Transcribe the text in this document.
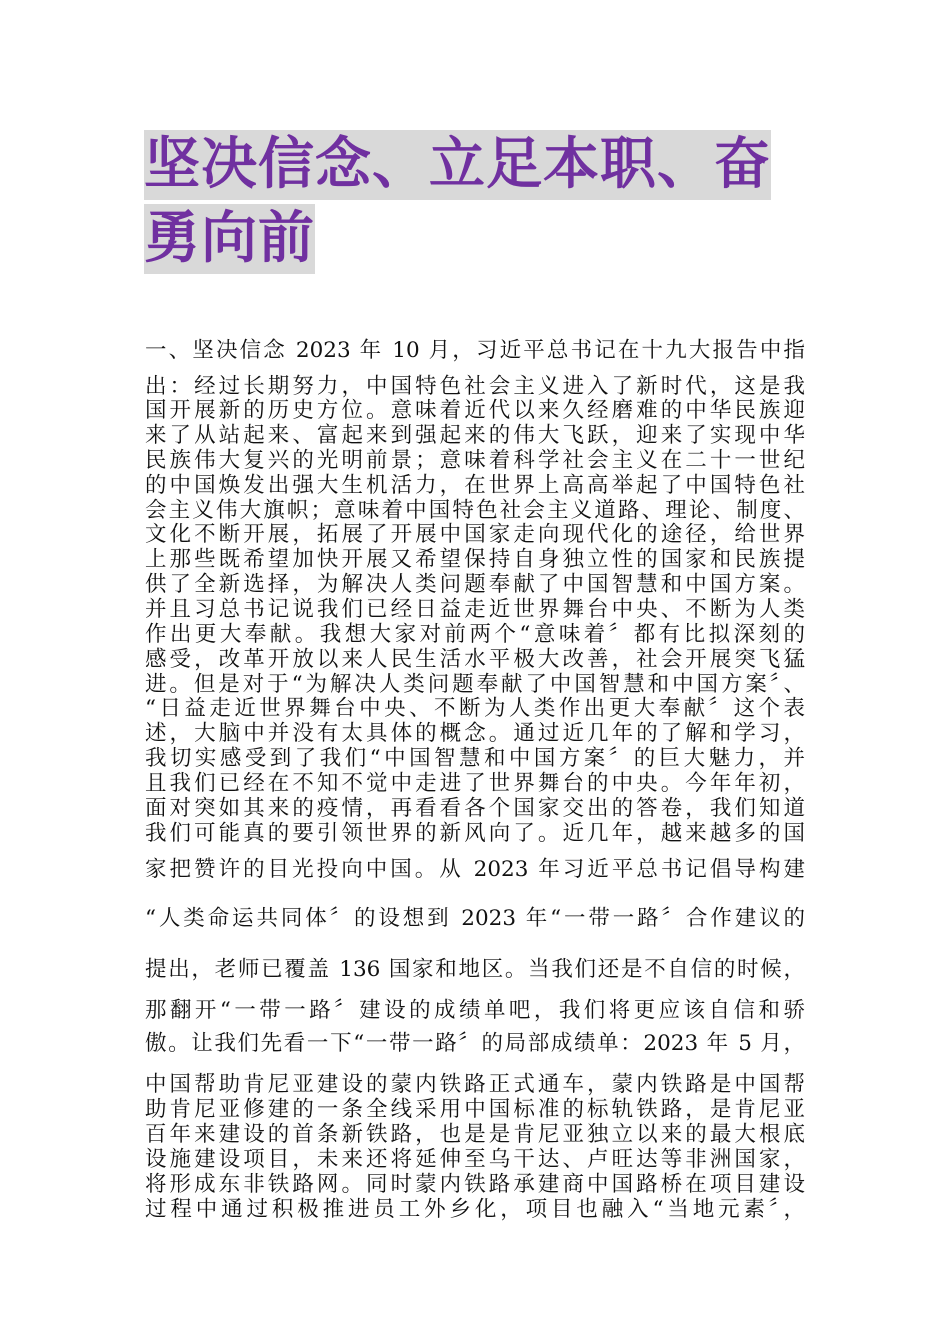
坚决信念、立足本职、奋
勇向前
一、坚决信念 2023 年 10 月，习近平总书记在十九大报告中指
出：经过长期努力，中国特色社会主义进入了新时代，这是我
国开展新的历史方位。意味着近代以来久经磨难的中华民族迎
来了从站起来、富起来到强起来的伟大飞跃，迎来了实现中华
民族伟大复兴的光明前景；意味着科学社会主义在二十一世纪
的中国焕发出强大生机活力，在世界上高高举起了中国特色社
会主义伟大旗帜；意味着中国特色社会主义道路、理论、制度、
文化不断开展，拓展了开展中国家走向现代化的途径，给世界
上那些既希望加快开展又希望保持自身独立性的国家和民族提
供了全新选择，为解决人类问题奉献了中国智慧和中国方案。
并且习总书记说我们已经日益走近世界舞台中央、不断为人类
作出更大奉献。我想大家对前两个“意味着〞都有比拟深刻的
感受，改革开放以来人民生活水平极大改善，社会开展突飞猛
进。但是对于“为解决人类问题奉献了中国智慧和中国方案〞、
“日益走近世界舞台中央、不断为人类作出更大奉献〞这个表
述，大脑中并没有太具体的概念。通过近几年的了解和学习，
我切实感受到了我们“中国智慧和中国方案〞的巨大魅力，并
且我们已经在不知不觉中走进了世界舞台的中央。今年年初，
面对突如其来的疫情，再看看各个国家交出的答卷，我们知道
我们可能真的要引领世界的新风向了。近几年，越来越多的国
家把赞许的目光投向中国。从 2023 年习近平总书记倡导构建
“人类命运共同体〞的设想到 2023 年“一带一路〞合作建议的
提出，老师已覆盖 136 国家和地区。当我们还是不自信的时候，
那翻开“一带一路〞建设的成绩单吧，我们将更应该自信和骄
傲。让我们先看一下“一带一路〞的局部成绩单：2023 年 5 月，
中国帮助肯尼亚建设的蒙内铁路正式通车，蒙内铁路是中国帮
助肯尼亚修建的一条全线采用中国标准的标轨铁路，是肯尼亚
百年来建设的首条新铁路，也是是肯尼亚独立以来的最大根底
设施建设项目，未来还将延伸至乌干达、卢旺达等非洲国家，
将形成东非铁路网。同时蒙内铁路承建商中国路桥在项目建设
过程中通过积极推进员工外乡化，项目也融入“当地元素〞，
